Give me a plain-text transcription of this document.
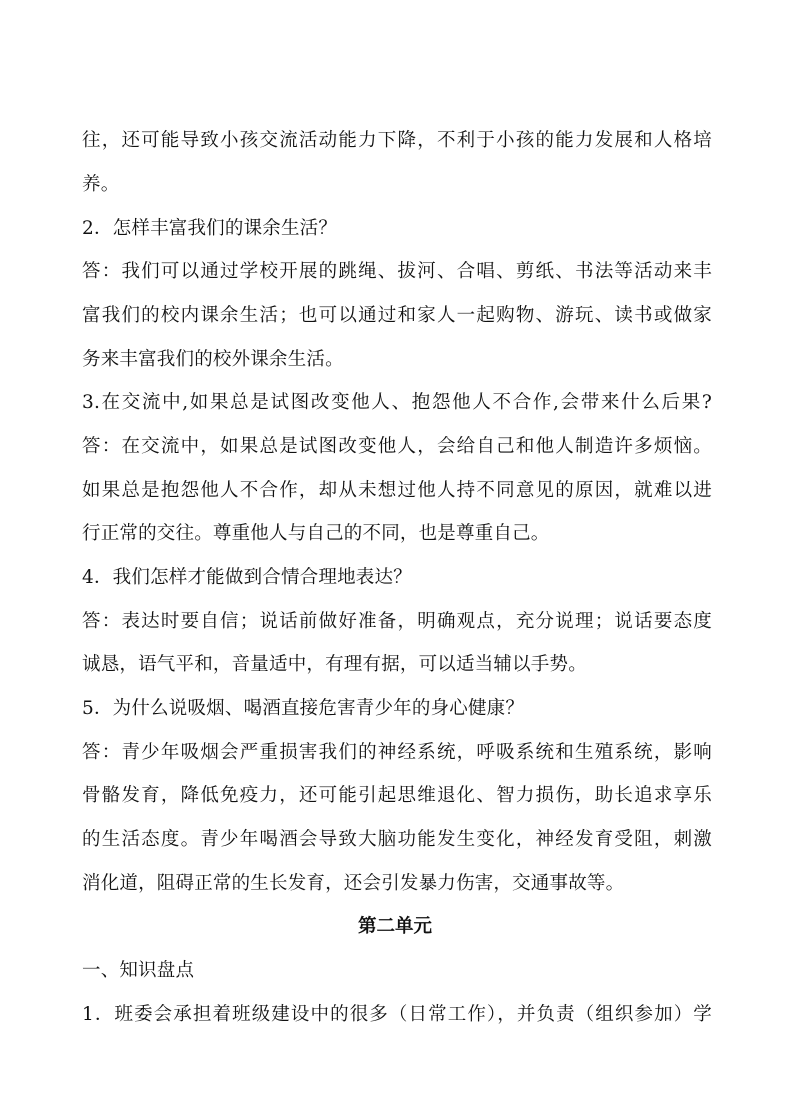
往，还可能导致小孩交流活动能力下降，不利于小孩的能力发展和人格培
养。
2．怎样丰富我们的课余生活？
答：我们可以通过学校开展的跳绳、拔河、合唱、剪纸、书法等活动来丰
富我们的校内课余生活；也可以通过和家人一起购物、游玩、读书或做家
务来丰富我们的校外课余生活。
3.在交流中,如果总是试图改变他人、抱怨他人不合作,会带来什么后果?
答：在交流中，如果总是试图改变他人，会给自己和他人制造许多烦恼。
如果总是抱怨他人不合作，却从未想过他人持不同意见的原因，就难以进
行正常的交往。尊重他人与自己的不同，也是尊重自己。
4．我们怎样才能做到合情合理地表达？
答：表达时要自信；说话前做好准备，明确观点，充分说理；说话要态度
诚恳，语气平和，音量适中，有理有据，可以适当辅以手势。
5．为什么说吸烟、喝酒直接危害青少年的身心健康？
答：青少年吸烟会严重损害我们的神经系统，呼吸系统和生殖系统，影响
骨骼发育，降低免疫力，还可能引起思维退化、智力损伤，助长追求享乐
的生活态度。青少年喝酒会导致大脑功能发生变化，神经发育受阻，刺激
消化道，阻碍正常的生长发育，还会引发暴力伤害，交通事故等。
第二单元
一、知识盘点
1．班委会承担着班级建设中的很多（日常工作），并负责（组织参加）学
